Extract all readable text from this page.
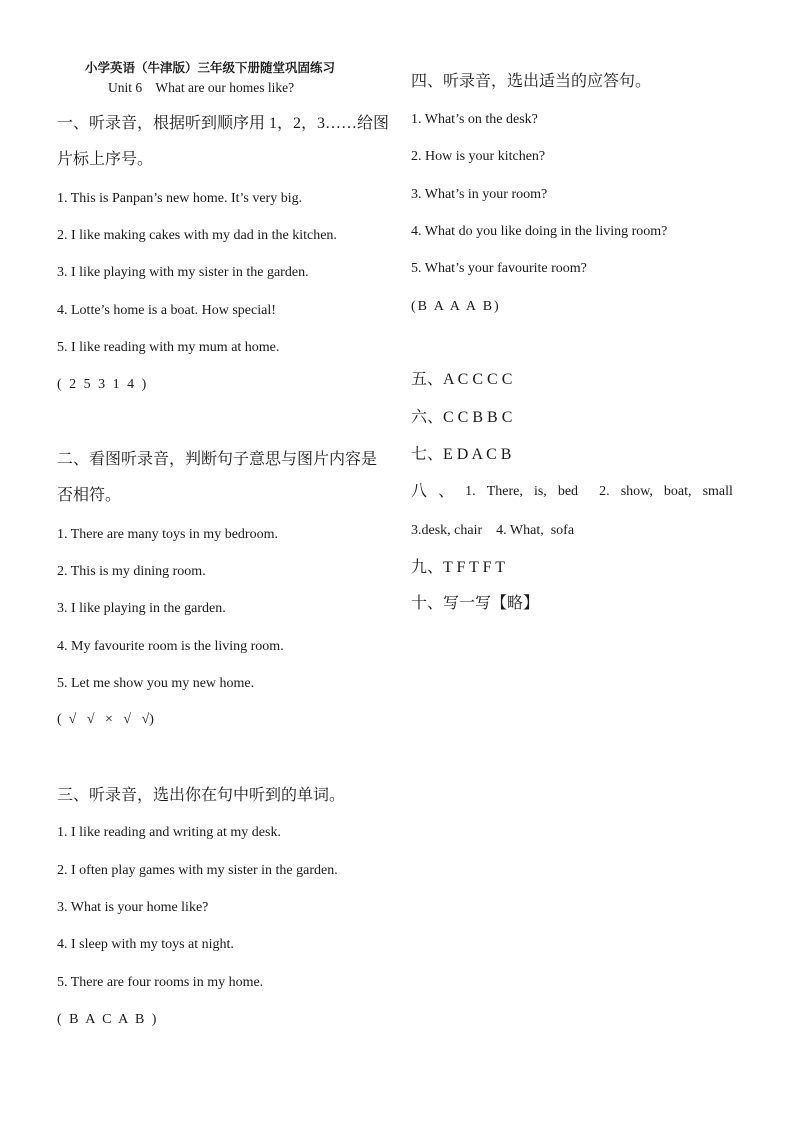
小学英语（牛津版）三年级下册随堂巩固练习
Unit 6    What are our homes like?
一、听录音，根据听到顺序用 1，2，3……给图
片标上序号。
1. This is Panpan’s new home. It’s very big.
2. I like making cakes with my dad in the kitchen.
3. I like playing with my sister in the garden.
4. Lotte’s home is a boat. How special!
5. I like reading with my mum at home.
( 2 5 3 1 4 )
二、看图听录音，判断句子意思与图片内容是
否相符。
1. There are many toys in my bedroom.
2. This is my dining room.
3. I like playing in the garden.
4. My favourite room is the living room.
5. Let me show you my new home.
(  √   √   ×   √   √)
三、听录音，选出你在句中听到的单词。
1. I like reading and writing at my desk.
2. I often play games with my sister in the garden.
3. What is your home like?
4. I sleep with my toys at night.
5. There are four rooms in my home.
( B A C A B )
四、听录音，选出适当的应答句。
1. What’s on the desk?
2. How is your kitchen?
3. What’s in your room?
4. What do you like doing in the living room?
5. What’s your favourite room?
(B A A A B)
五、A C C C C
六、C C B B C
七、E D A C B
八 、 1. There, is, bed 2. show, boat, small
3.desk, chair    4. What,  sofa
九、T F T F T
十、写一写【略】
